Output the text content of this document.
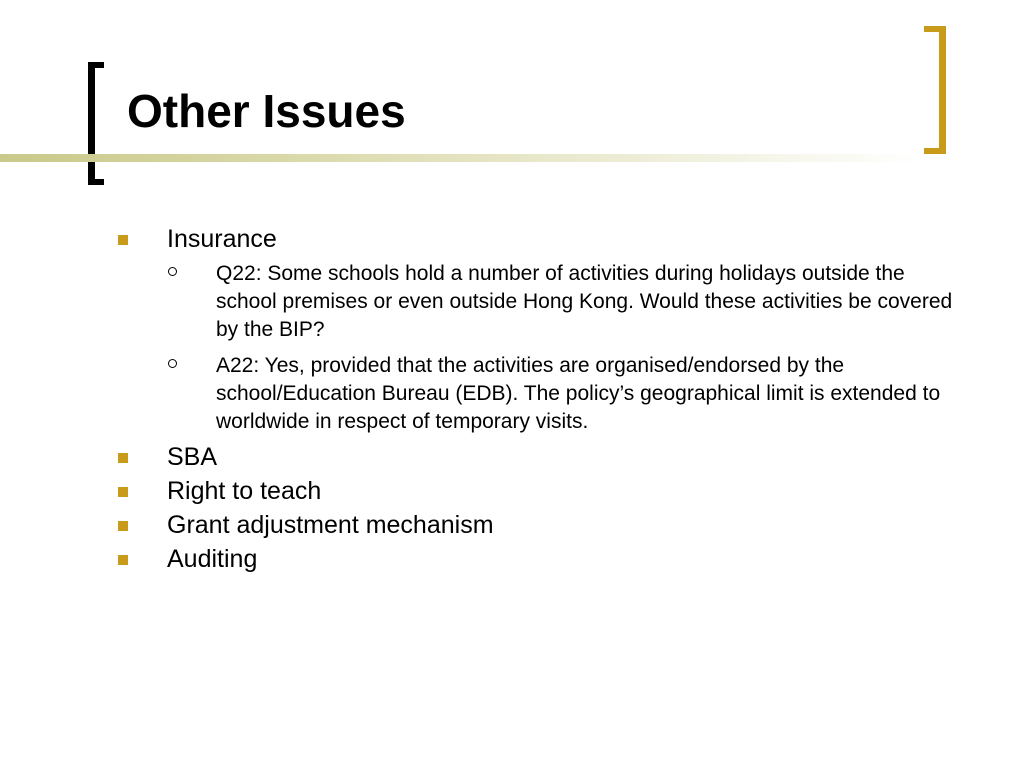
Other Issues
Insurance
Q22: Some schools hold a number of activities during holidays outside the school premises or even outside Hong Kong. Would these activities be covered by the BIP?
A22: Yes, provided that the activities are organised/endorsed by the school/Education Bureau (EDB). The policy’s geographical limit is extended to worldwide in respect of temporary visits.
SBA
Right to teach
Grant adjustment mechanism
Auditing
